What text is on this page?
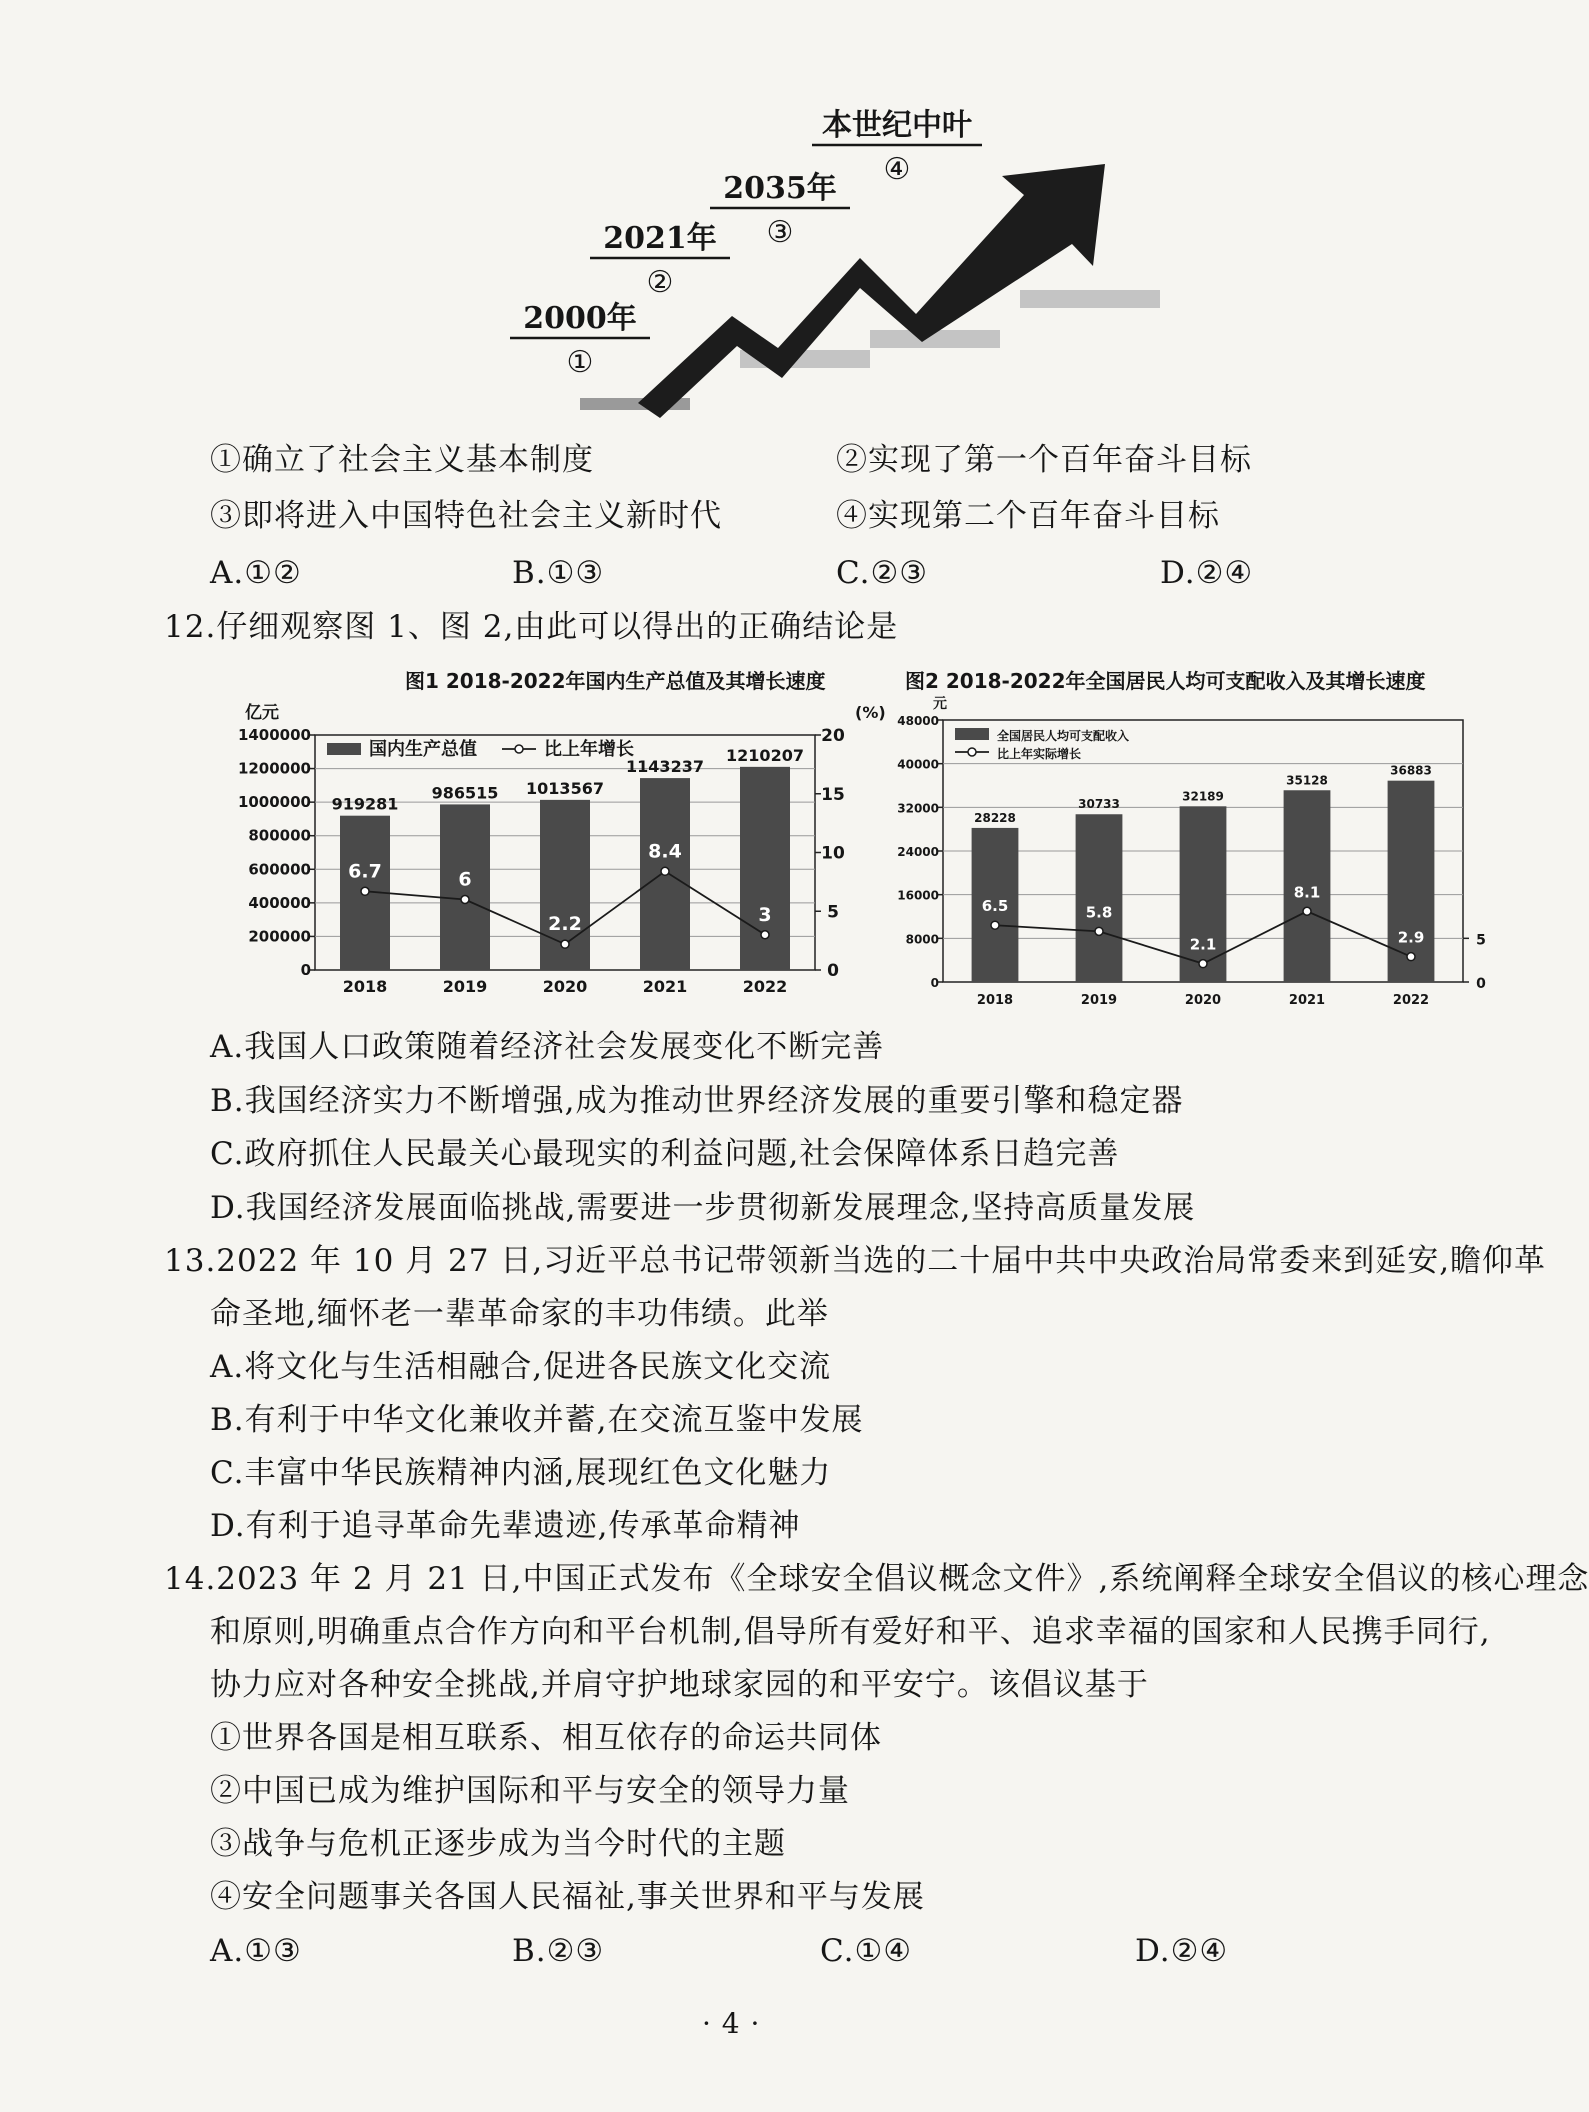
2000年
①
2021年
②
2035年
③
本世纪中叶
④
①确立了社会主义基本制度	②实现了第一个百年奋斗目标
③即将进入中国特色社会主义新时代	④实现第二个百年奋斗目标
A.①②	B.①③	C.②③	D.②④
12.仔细观察图 1、图 2,由此可以得出的正确结论是
图1 2018-2022年国内生产总值及其增长速度
亿元	(%)
0
200000
400000
600000
800000
1000000
1200000
1400000
0
5
10
15
20
919281
2018
986515
2019
1013567
2020
1143237
2021
1210207
2022
6.7	6
2.2
8.4
3
国内生产总值	比上年增长
图2 2018-2022年全国居民人均可支配收入及其增长速度
元
0
8000
16000
24000
32000
40000
48000
0
5
28228
2018
30733
2019
32189
2020
35128
2021
36883
2022
6.5	5.8
2.1
8.1
2.9
全国居民人均可支配收入
比上年实际增长
A.我国人口政策随着经济社会发展变化不断完善
B.我国经济实力不断增强,成为推动世界经济发展的重要引擎和稳定器
C.政府抓住人民最关心最现实的利益问题,社会保障体系日趋完善
D.我国经济发展面临挑战,需要进一步贯彻新发展理念,坚持高质量发展
13.2022 年 10 月 27 日,习近平总书记带领新当选的二十届中共中央政治局常委来到延安,瞻仰革
命圣地,缅怀老一辈革命家的丰功伟绩。此举
A.将文化与生活相融合,促进各民族文化交流
B.有利于中华文化兼收并蓄,在交流互鉴中发展
C.丰富中华民族精神内涵,展现红色文化魅力
D.有利于追寻革命先辈遗迹,传承革命精神
14.2023 年 2 月 21 日,中国正式发布《全球安全倡议概念文件》,系统阐释全球安全倡议的核心理念
和原则,明确重点合作方向和平台机制,倡导所有爱好和平、追求幸福的国家和人民携手同行,
协力应对各种安全挑战,并肩守护地球家园的和平安宁。该倡议基于
①世界各国是相互联系、相互依存的命运共同体
②中国已成为维护国际和平与安全的领导力量
③战争与危机正逐步成为当今时代的主题
④安全问题事关各国人民福祉,事关世界和平与发展
A.①③	B.②③	C.①④	D.②④
· 4 ·
